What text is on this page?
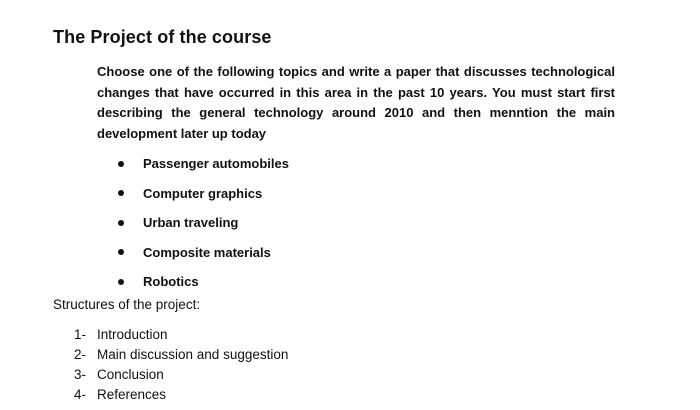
The Project of the course
Choose one of the following topics and write a paper that discusses technological changes that have occurred in this area in the past 10 years. You must start first describing the general technology around 2010 and then menntion the main development later up today
Passenger automobiles
Computer graphics
Urban traveling
Composite materials
Robotics
Structures of the project:
1- Introduction
2- Main discussion and suggestion
3- Conclusion
4- References
